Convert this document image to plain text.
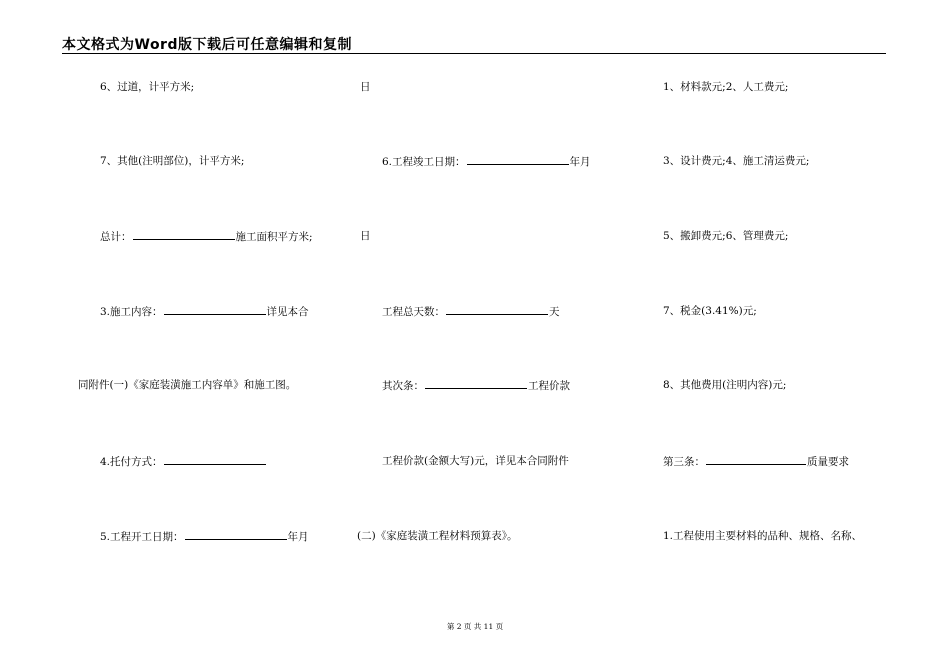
本文格式为Word版下载后可任意编辑和复制
6、过道，计平方米;
7、其他(注明部位)，计平方米;
总计：	施工面积平方米;
3.施工内容：	详见本合
同附件(一)《家庭装潢施工内容单》和施工图。
4.托付方式：
5.工程开工日期：	年月
日
6.工程竣工日期：	年月
日
工程总天数：	天
其次条：	工程价款
工程价款(金额大写)元，详见本合同附件
(二)《家庭装潢工程材料预算表》。
1、材料款元;2、人工费元;
3、设计费元;4、施工清运费元;
5、搬卸费元;6、管理费元;
7、税金(3.41%)元;
8、其他费用(注明内容)元;
第三条：	质量要求
1.工程使用主要材料的品种、规格、名称、
第 2 页 共 11 页
